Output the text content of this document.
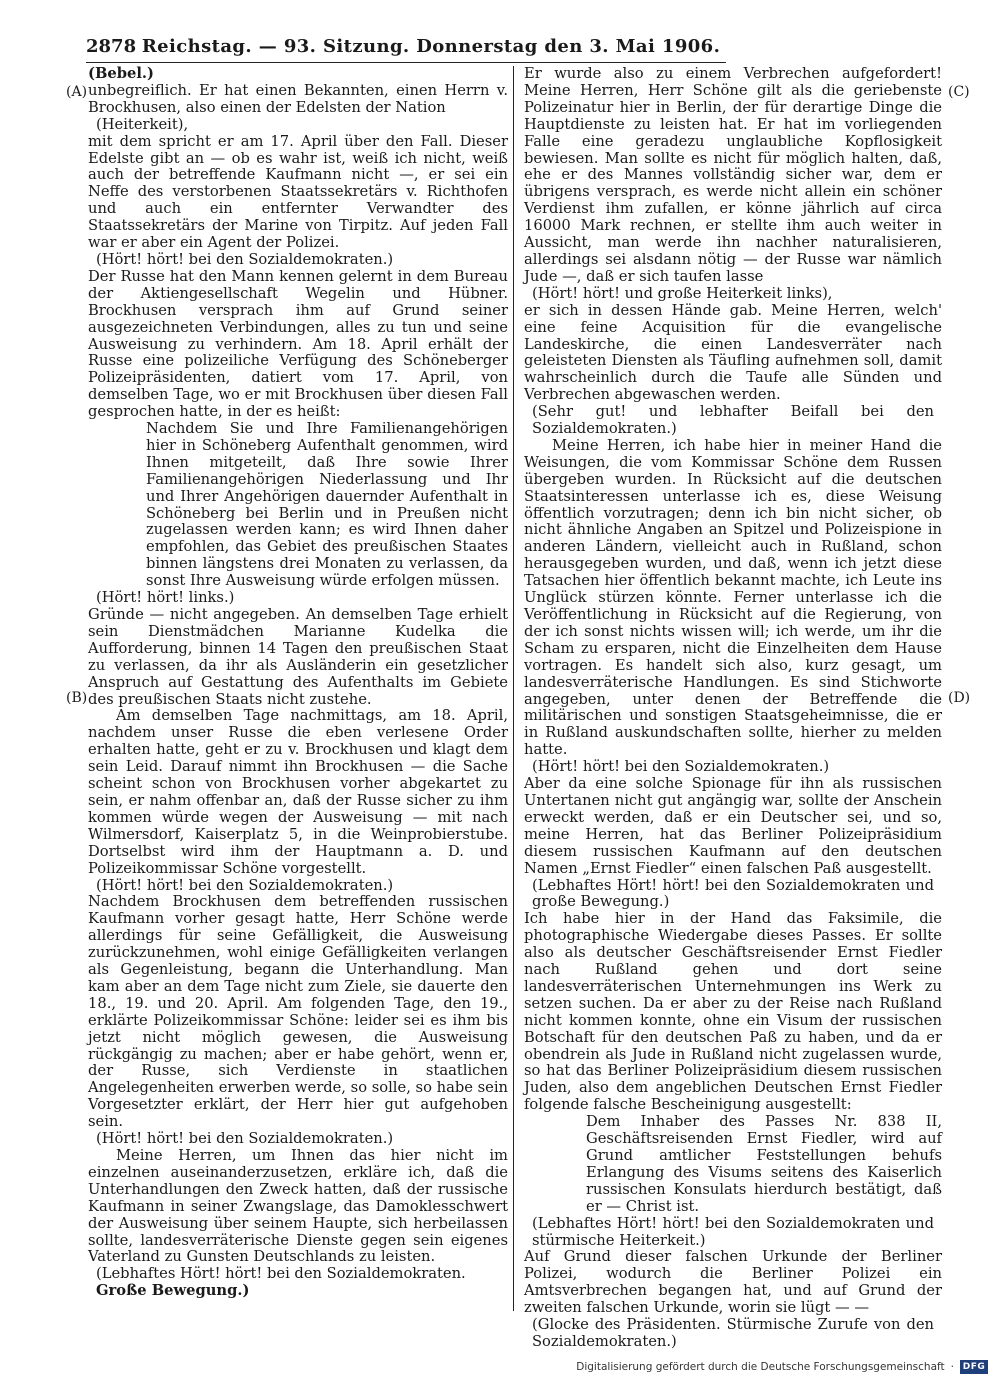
2878 Reichstag. — 93. Sitzung. Donnerstag den 3. Mai 1906.
(A)
(B)
(C)
(D)

(Bebel.)

unbegreiflich. Er hat einen Bekannten, einen Herrn v. Brockhusen, also einen der Edelsten der Nation

(Heiterkeit),

mit dem spricht er am 17. April über den Fall. Dieser Edelste gibt an — ob es wahr ist, weiß ich nicht, weiß auch der betreffende Kaufmann nicht —, er sei ein Neffe des verstorbenen Staatssekretärs v. Richthofen und auch ein entfernter Verwandter des Staatssekretärs der Marine von Tirpitz. Auf jeden Fall war er aber ein Agent der Polizei.

(Hört! hört! bei den Sozialdemokraten.)

Der Russe hat den Mann kennen gelernt in dem Bureau der Aktiengesellschaft Wegelin und Hübner. Brockhusen versprach ihm auf Grund seiner ausgezeichneten Verbindungen, alles zu tun und seine Ausweisung zu verhindern. Am 18. April erhält der Russe eine polizeiliche Verfügung des Schöneberger Polizeipräsidenten, datiert vom 17. April, von demselben Tage, wo er mit Brockhusen über diesen Fall gesprochen hatte, in der es heißt:

Nachdem Sie und Ihre Familienangehörigen hier in Schöneberg Aufenthalt genommen, wird Ihnen mitgeteilt, daß Ihre sowie Ihrer Familienangehörigen Niederlassung und Ihr und Ihrer Angehörigen dauernder Aufenthalt in Schöneberg bei Berlin und in Preußen nicht zugelassen werden kann; es wird Ihnen daher empfohlen, das Gebiet des preußischen Staates binnen längstens drei Monaten zu verlassen, da sonst Ihre Ausweisung würde erfolgen müssen.

(Hört! hört! links.)

Gründe — nicht angegeben. An demselben Tage erhielt sein Dienstmädchen Marianne Kudelka die Aufforderung, binnen 14 Tagen den preußischen Staat zu verlassen, da ihr als Ausländerin ein gesetzlicher Anspruch auf Gestattung des Aufenthalts im Gebiete des preußischen Staats nicht zustehe.

Am demselben Tage nachmittags, am 18. April, nachdem unser Russe die eben verlesene Order erhalten hatte, geht er zu v. Brockhusen und klagt dem sein Leid. Darauf nimmt ihn Brockhusen — die Sache scheint schon von Brockhusen vorher abgekartet zu sein, er nahm offenbar an, daß der Russe sicher zu ihm kommen würde wegen der Ausweisung — mit nach Wilmersdorf, Kaiserplatz 5, in die Weinprobierstube. Dortselbst wird ihm der Hauptmann a. D. und Polizeikommissar Schöne vorgestellt.

(Hört! hört! bei den Sozialdemokraten.)

Nachdem Brockhusen dem betreffenden russischen Kaufmann vorher gesagt hatte, Herr Schöne werde allerdings für seine Gefälligkeit, die Ausweisung zurückzunehmen, wohl einige Gefälligkeiten verlangen als Gegenleistung, begann die Unterhandlung. Man kam aber an dem Tage nicht zum Ziele, sie dauerte den 18., 19. und 20. April. Am folgenden Tage, den 19., erklärte Polizeikommissar Schöne: leider sei es ihm bis jetzt nicht möglich gewesen, die Ausweisung rückgängig zu machen; aber er habe gehört, wenn er, der Russe, sich Verdienste in staatlichen Angelegenheiten erwerben werde, so solle, so habe sein Vorgesetzter erklärt, der Herr hier gut aufgehoben sein.

(Hört! hört! bei den Sozialdemokraten.)

Meine Herren, um Ihnen das hier nicht im einzelnen auseinanderzusetzen, erkläre ich, daß die Unterhandlungen den Zweck hatten, daß der russische Kaufmann in seiner Zwangslage, das Damoklesschwert der Ausweisung über seinem Haupte, sich herbeilassen sollte, landesverräterische Dienste gegen sein eigenes Vaterland zu Gunsten Deutschlands zu leisten.

(Lebhaftes Hört! hört! bei den Sozialdemokraten.

Große Bewegung.)

Er wurde also zu einem Verbrechen aufgefordert! Meine Herren, Herr Schöne gilt als die geriebenste Polizeinatur hier in Berlin, der für derartige Dinge die Hauptdienste zu leisten hat. Er hat im vorliegenden Falle eine geradezu unglaubliche Kopflosigkeit bewiesen. Man sollte es nicht für möglich halten, daß, ehe er des Mannes vollständig sicher war, dem er übrigens versprach, es werde nicht allein ein schöner Verdienst ihm zufallen, er könne jährlich auf circa 16000 Mark rechnen, er stellte ihm auch weiter in Aussicht, man werde ihn nachher naturalisieren, allerdings sei alsdann nötig — der Russe war nämlich Jude —, daß er sich taufen lasse

(Hört! hört! und große Heiterkeit links),

er sich in dessen Hände gab. Meine Herren, welch' eine feine Acquisition für die evangelische Landeskirche, die einen Landesverräter nach geleisteten Diensten als Täufling aufnehmen soll, damit wahrscheinlich durch die Taufe alle Sünden und Verbrechen abgewaschen werden.

(Sehr gut! und lebhafter Beifall bei den Sozialdemokraten.)

Meine Herren, ich habe hier in meiner Hand die Weisungen, die vom Kommissar Schöne dem Russen übergeben wurden. In Rücksicht auf die deutschen Staatsinteressen unterlasse ich es, diese Weisung öffentlich vorzutragen; denn ich bin nicht sicher, ob nicht ähnliche Angaben an Spitzel und Polizeispione in anderen Ländern, vielleicht auch in Rußland, schon herausgegeben wurden, und daß, wenn ich jetzt diese Tatsachen hier öffentlich bekannt machte, ich Leute ins Unglück stürzen könnte. Ferner unterlasse ich die Veröffentlichung in Rücksicht auf die Regierung, von der ich sonst nichts wissen will; ich werde, um ihr die Scham zu ersparen, nicht die Einzelheiten dem Hause vortragen. Es handelt sich also, kurz gesagt, um landesverräterische Handlungen. Es sind Stichworte angegeben, unter denen der Betreffende die militärischen und sonstigen Staatsgeheimnisse, die er in Rußland auskundschaften sollte, hierher zu melden hatte.

(Hört! hört! bei den Sozialdemokraten.)

Aber da eine solche Spionage für ihn als russischen Untertanen nicht gut angängig war, sollte der Anschein erweckt werden, daß er ein Deutscher sei, und so, meine Herren, hat das Berliner Polizeipräsidium diesem russischen Kaufmann auf den deutschen Namen „Ernst Fiedler“ einen falschen Paß ausgestellt.

(Lebhaftes Hört! hört! bei den Sozialdemokraten und große Bewegung.)

Ich habe hier in der Hand das Faksimile, die photographische Wiedergabe dieses Passes. Er sollte also als deutscher Geschäftsreisender Ernst Fiedler nach Rußland gehen und dort seine landesverräterischen Unternehmungen ins Werk zu setzen suchen. Da er aber zu der Reise nach Rußland nicht kommen konnte, ohne ein Visum der russischen Botschaft für den deutschen Paß zu haben, und da er obendrein als Jude in Rußland nicht zugelassen wurde, so hat das Berliner Polizeipräsidium diesem russischen Juden, also dem angeblichen Deutschen Ernst Fiedler folgende falsche Bescheinigung ausgestellt:

Dem Inhaber des Passes Nr. 838 II, Geschäftsreisenden Ernst Fiedler, wird auf Grund amtlicher Feststellungen behufs Erlangung des Visums seitens des Kaiserlich russischen Konsulats hierdurch bestätigt, daß er — Christ ist.

(Lebhaftes Hört! hört! bei den Sozialdemokraten und stürmische Heiterkeit.)

Auf Grund dieser falschen Urkunde der Berliner Polizei, wodurch die Berliner Polizei ein Amtsverbrechen begangen hat, und auf Grund der zweiten falschen Urkunde, worin sie lügt — —

(Glocke des Präsidenten. Stürmische Zurufe von den Sozialdemokraten.)

Digitalisierung gefördert durch die Deutsche Forschungsgemeinschaft · DFG
